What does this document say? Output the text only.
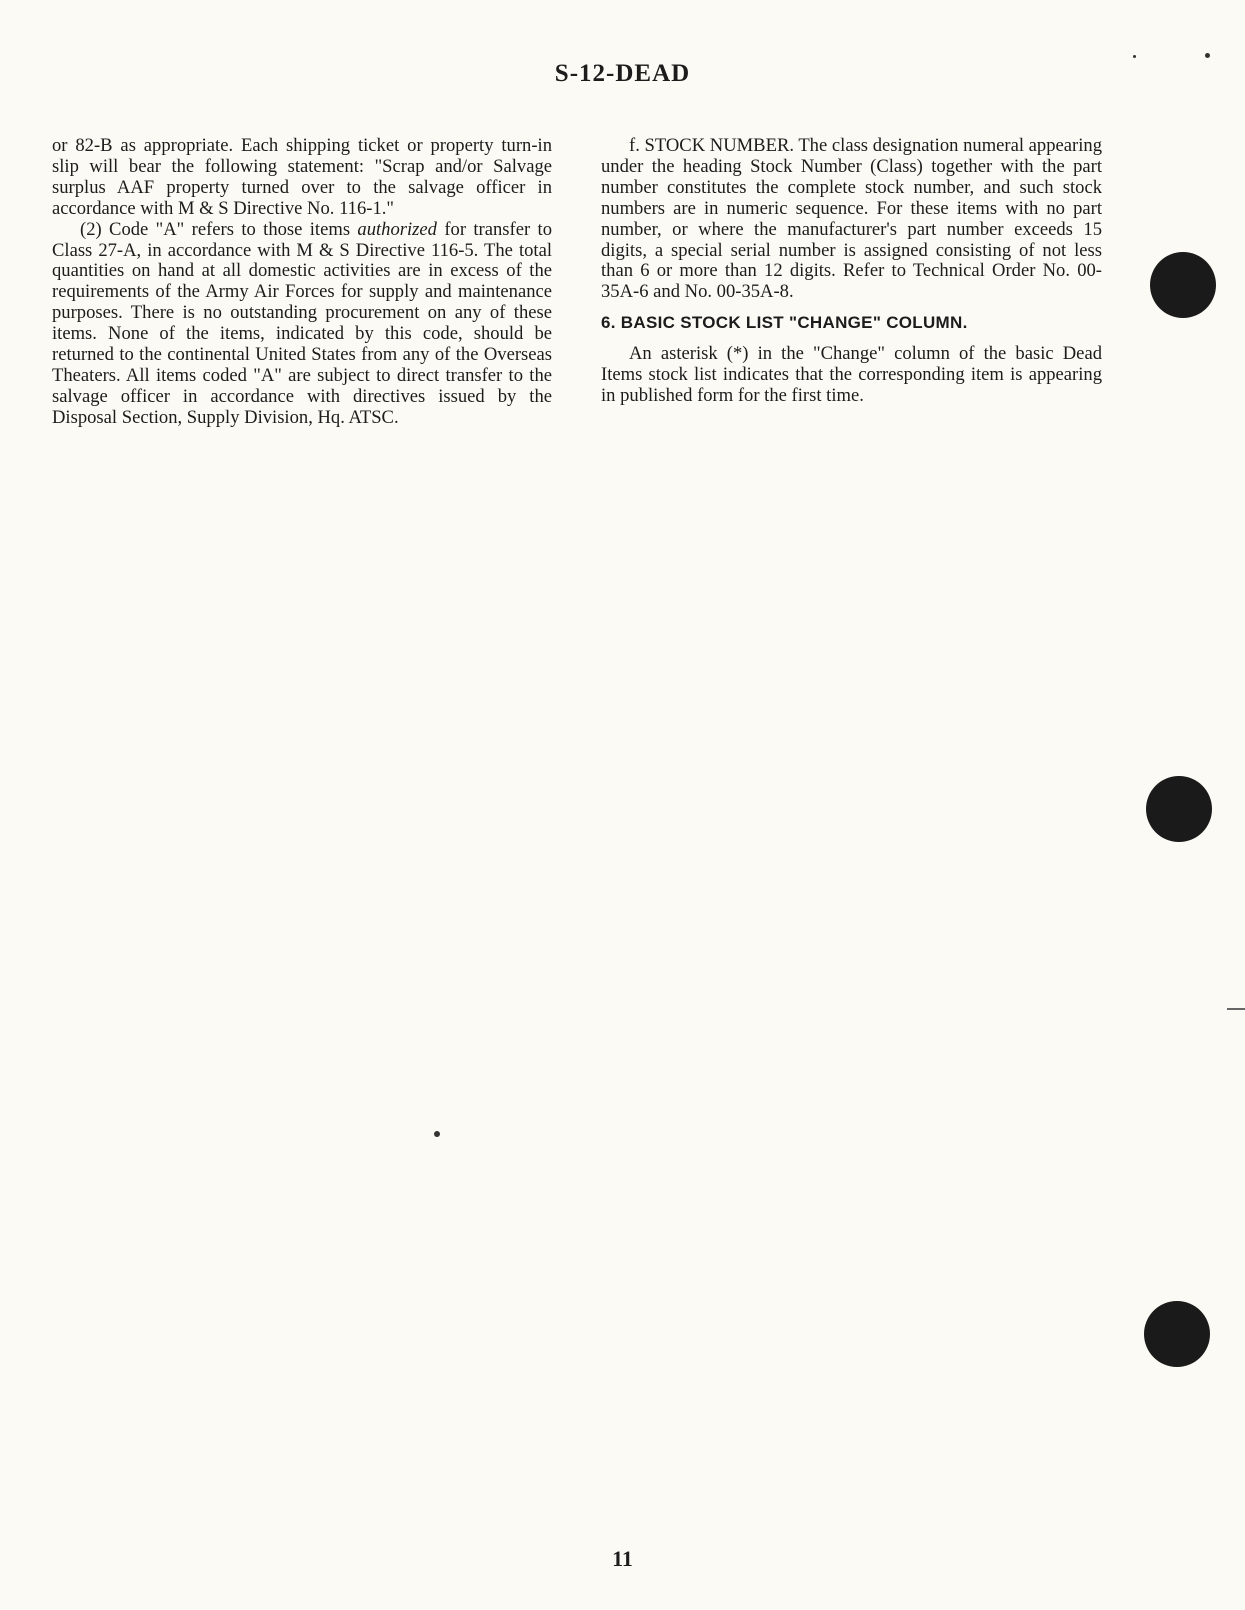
S-12-DEAD

or 82-B as appropriate. Each shipping ticket or property turn-in slip will bear the following statement: "Scrap and/or Salvage surplus AAF property turned over to the salvage officer in accordance with M & S Directive No. 116-1."

(2) Code "A" refers to those items authorized for transfer to Class 27-A, in accordance with M & S Directive 116-5. The total quantities on hand at all domestic activities are in excess of the requirements of the Army Air Forces for supply and maintenance purposes. There is no outstanding procurement on any of these items. None of the items, indicated by this code, should be returned to the continental United States from any of the Overseas Theaters. All items coded "A" are subject to direct transfer to the salvage officer in accordance with directives issued by the Disposal Section, Supply Division, Hq. ATSC.

f. STOCK NUMBER. The class designation numeral appearing under the heading Stock Number (Class) together with the part number constitutes the complete stock number, and such stock numbers are in numeric sequence. For these items with no part number, or where the manufacturer's part number exceeds 15 digits, a special serial number is assigned consisting of not less than 6 or more than 12 digits. Refer to Technical Order No. 00-35A-6 and No. 00-35A-8.

6. BASIC STOCK LIST "CHANGE" COLUMN.

An asterisk (*) in the "Change" column of the basic Dead Items stock list indicates that the corresponding item is appearing in published form for the first time.

11
